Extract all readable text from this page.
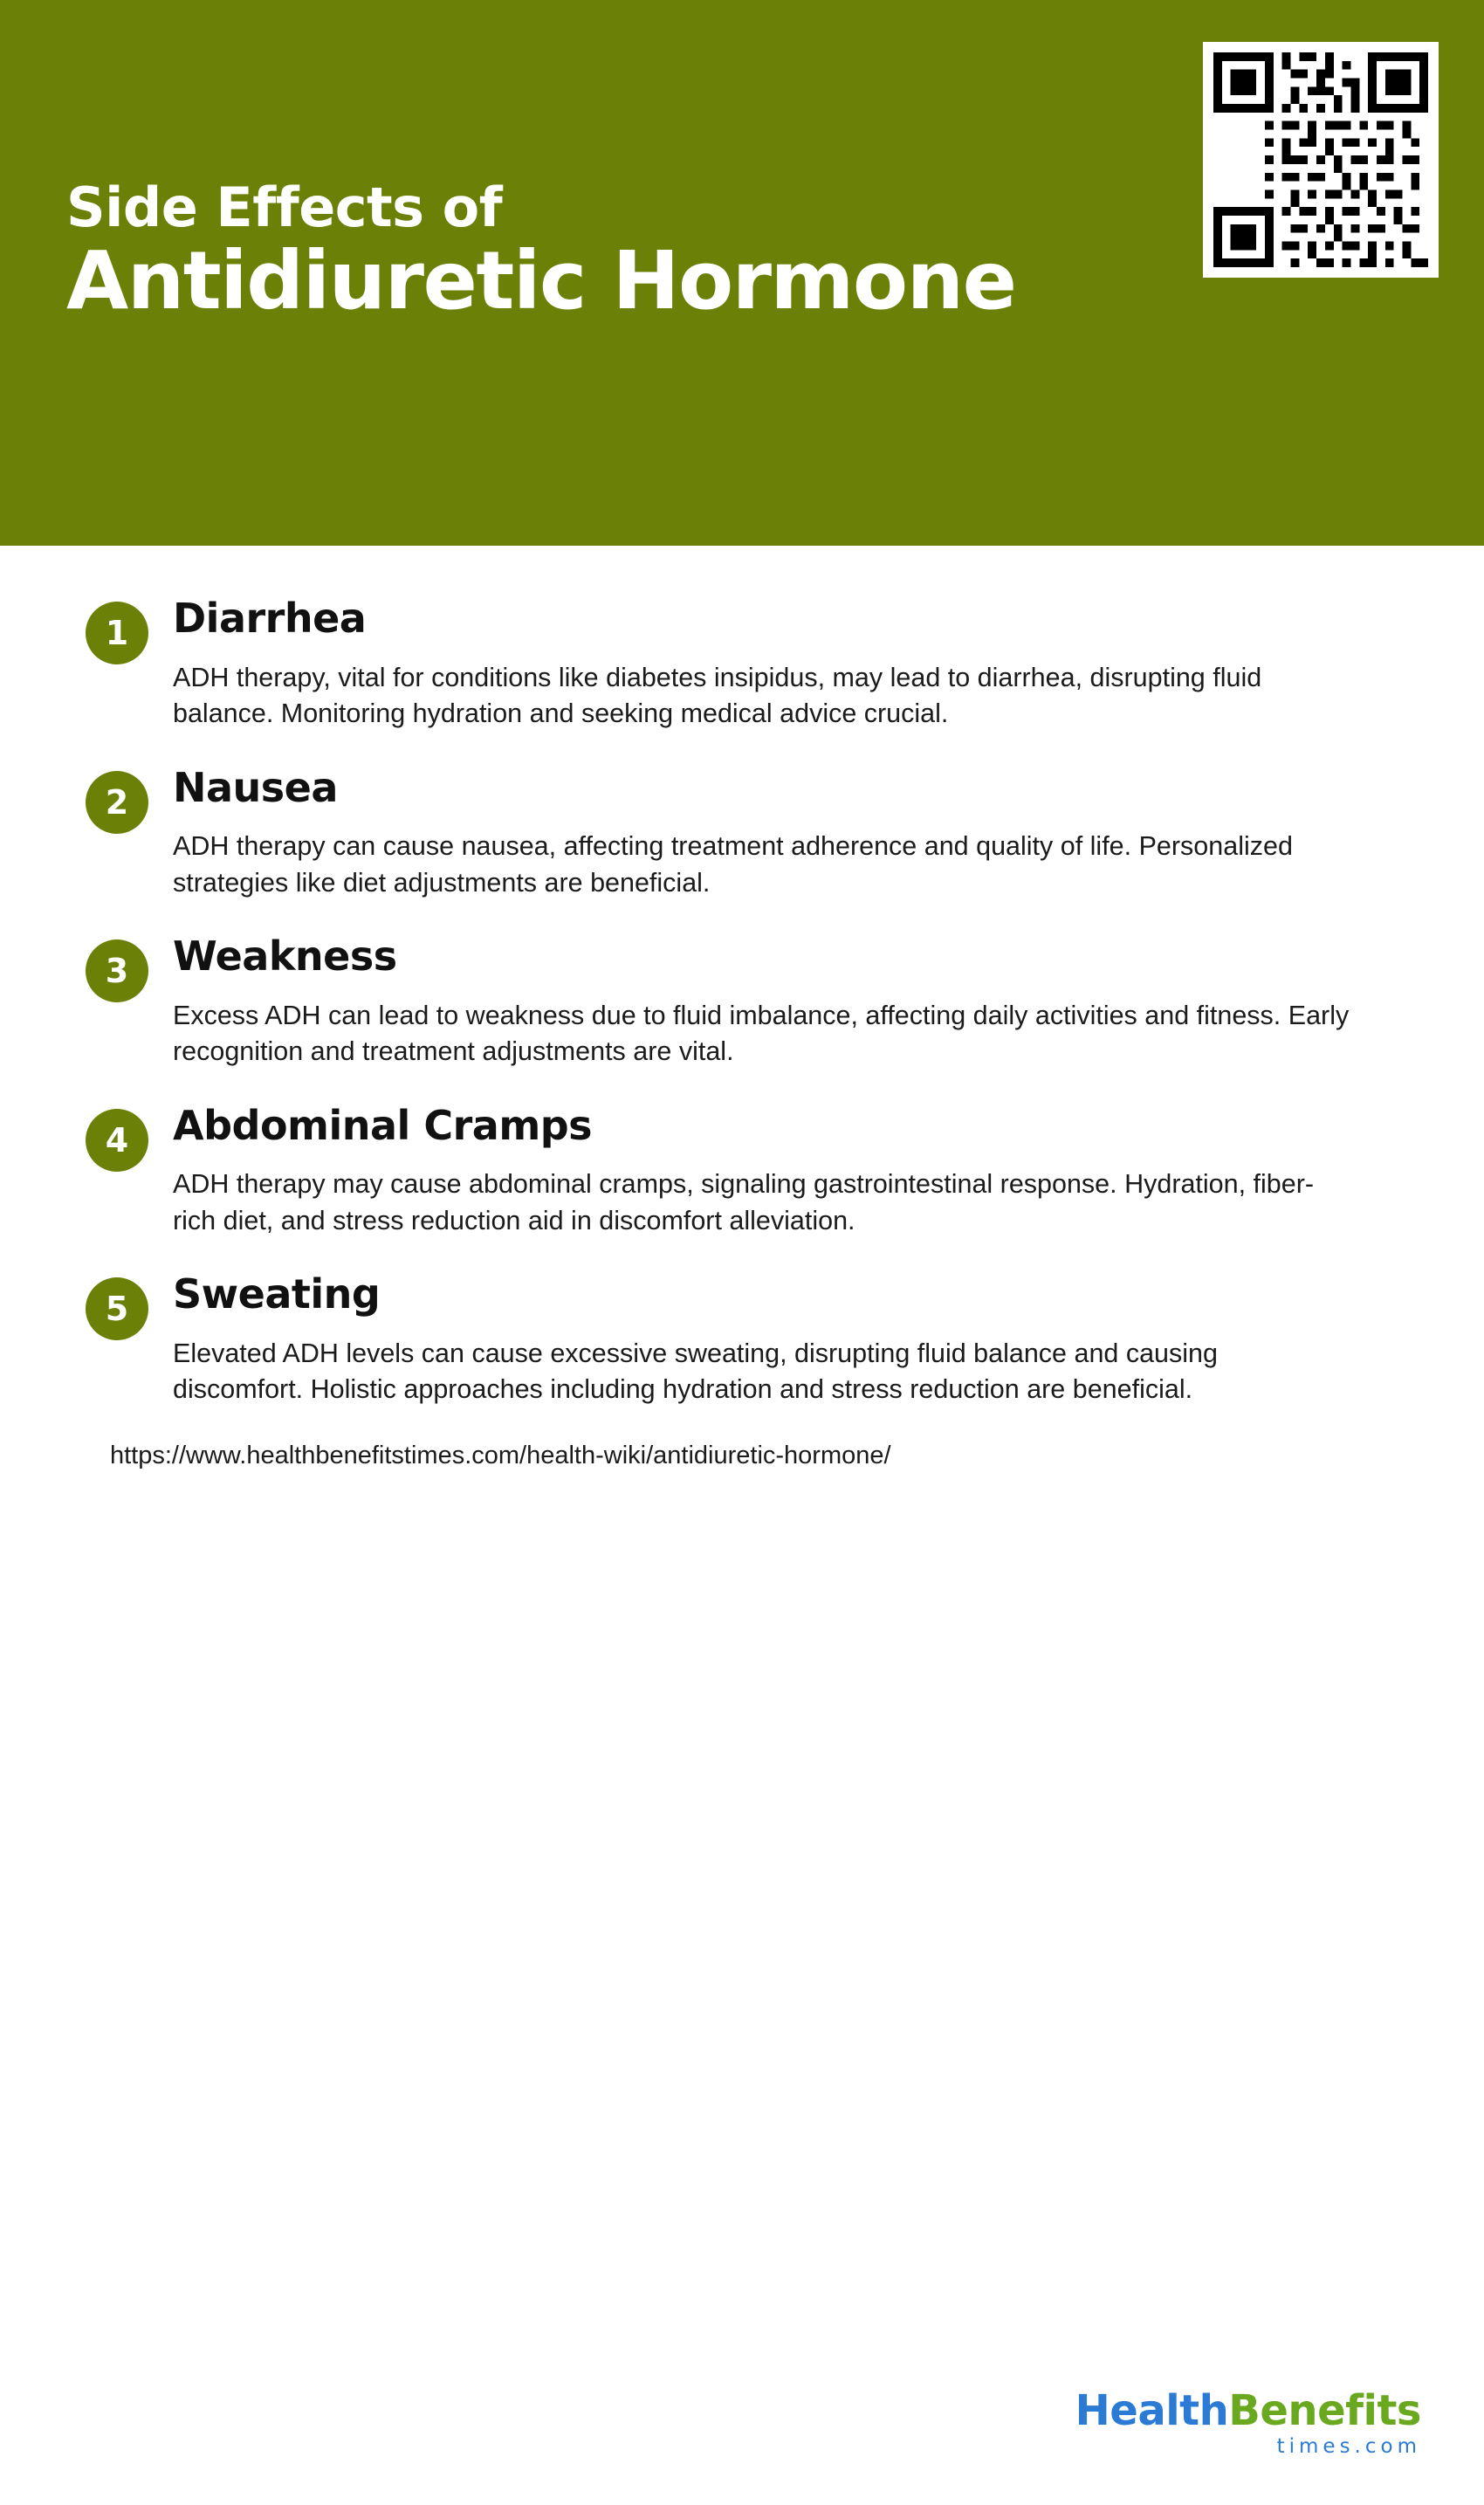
Side Effects of

Antidiuretic Hormone
1	Diarrhea

ADH therapy, vital for conditions like diabetes insipidus, may lead to diarrhea, disrupting fluid balance. Monitoring hydration and seeking medical advice crucial.

2	Nausea

ADH therapy can cause nausea, affecting treatment adherence and quality of life. Personalized strategies like diet adjustments are beneficial.

3	Weakness

Excess ADH can lead to weakness due to fluid imbalance, affecting daily activities and fitness. Early recognition and treatment adjustments are vital.

4	Abdominal Cramps

ADH therapy may cause abdominal cramps, signaling gastrointestinal response. Hydration, fiber-rich diet, and stress reduction aid in discomfort alleviation.

5	Sweating

Elevated ADH levels can cause excessive sweating, disrupting fluid balance and causing discomfort. Holistic approaches including hydration and stress reduction are beneficial.

https://www.healthbenefitstimes.com/health-wiki/antidiuretic-hormone/

HealthBenefits
times.com
